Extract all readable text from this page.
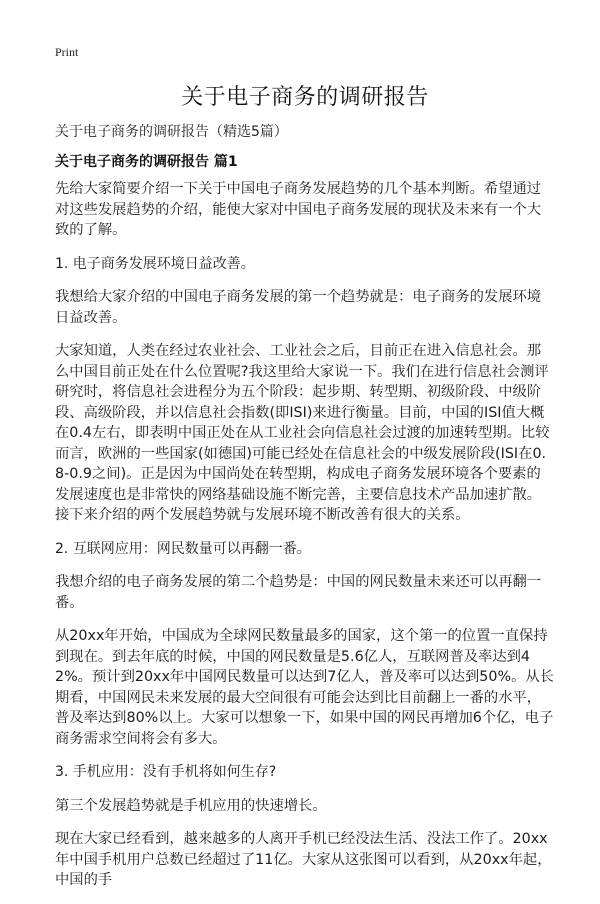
Print
关于电子商务的调研报告
关于电子商务的调研报告（精选5篇）
关于电子商务的调研报告 篇1

先给大家简要介绍一下关于中国电子商务发展趋势的几个基本判断。希望通过对这些发展趋势的介绍，能使大家对中国电子商务发展的现状及未来有一个大致的了解。

1. 电子商务发展环境日益改善。

我想给大家介绍的中国电子商务发展的第一个趋势就是：电子商务的发展环境日益改善。

大家知道，人类在经过农业社会、工业社会之后，目前正在进入信息社会。那么中国目前正处在什么位置呢?我这里给大家说一下。我们在进行信息社会测评研究时，将信息社会进程分为五个阶段：起步期、转型期、初级阶段、中级阶段、高级阶段，并以信息社会指数(即ISI)来进行衡量。目前，中国的ISI值大概在0.4左右，即表明中国正处在从工业社会向信息社会过渡的加速转型期。比较而言，欧洲的一些国家(如德国)可能已经处在信息社会的中级发展阶段(ISI在0.8-0.9之间)。正是因为中国尚处在转型期，构成电子商务发展环境各个要素的发展速度也是非常快的网络基础设施不断完善，主要信息技术产品加速扩散。接下来介绍的两个发展趋势就与发展环境不断改善有很大的关系。

2. 互联网应用：网民数量可以再翻一番。

我想介绍的电子商务发展的第二个趋势是：中国的网民数量未来还可以再翻一番。

从20xx年开始，中国成为全球网民数量最多的国家，这个第一的位置一直保持到现在。到去年底的时候，中国的网民数量是5.6亿人，互联网普及率达到42%。预计到20xx年中国网民数量可以达到7亿人，普及率可以达到50%。从长期看，中国网民未来发展的最大空间很有可能会达到比目前翻上一番的水平，普及率达到80%以上。大家可以想象一下，如果中国的网民再增加6个亿，电子商务需求空间将会有多大。

3. 手机应用：没有手机将如何生存?

第三个发展趋势就是手机应用的快速增长。

现在大家已经看到，越来越多的人离开手机已经没法生活、没法工作了。20xx年中国手机用户总数已经超过了11亿。大家从这张图可以看到，从20xx年起，中国的手
